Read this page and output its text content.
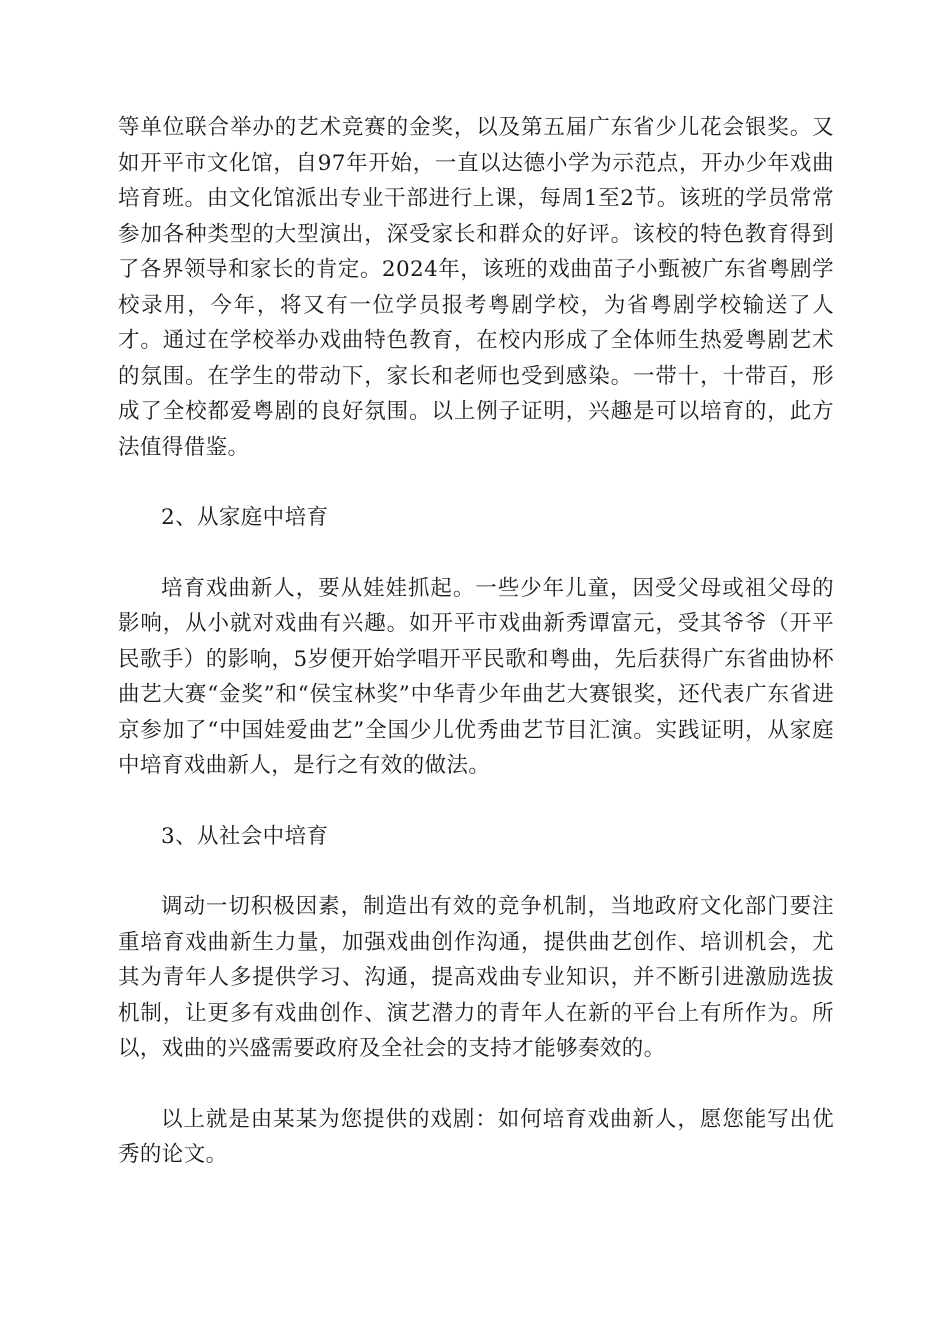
等单位联合举办的艺术竞赛的金奖，以及第五届广东省少儿花会银奖。又如开平市文化馆，自97年开始，一直以达德小学为示范点，开办少年戏曲培育班。由文化馆派出专业干部进行上课，每周1至2节。该班的学员常常参加各种类型的大型演出，深受家长和群众的好评。该校的特色教育得到了各界领导和家长的肯定。2024年，该班的戏曲苗子小甄被广东省粤剧学校录用，今年，将又有一位学员报考粤剧学校，为省粤剧学校输送了人才。通过在学校举办戏曲特色教育，在校内形成了全体师生热爱粤剧艺术的氛围。在学生的带动下，家长和老师也受到感染。一带十，十带百，形成了全校都爱粤剧的良好氛围。以上例子证明，兴趣是可以培育的，此方法值得借鉴。

2、从家庭中培育

培育戏曲新人，要从娃娃抓起。一些少年儿童，因受父母或祖父母的影响，从小就对戏曲有兴趣。如开平市戏曲新秀谭富元，受其爷爷（开平民歌手）的影响，5岁便开始学唱开平民歌和粤曲，先后获得广东省曲协杯曲艺大赛“金奖”和“侯宝林奖”中华青少年曲艺大赛银奖，还代表广东省进京参加了“中国娃爱曲艺”全国少儿优秀曲艺节目汇演。实践证明，从家庭中培育戏曲新人，是行之有效的做法。

3、从社会中培育

调动一切积极因素，制造出有效的竞争机制，当地政府文化部门要注重培育戏曲新生力量，加强戏曲创作沟通，提供曲艺创作、培训机会，尤其为青年人多提供学习、沟通，提高戏曲专业知识，并不断引进激励选拔机制，让更多有戏曲创作、演艺潜力的青年人在新的平台上有所作为。所以，戏曲的兴盛需要政府及全社会的支持才能够奏效的。

以上就是由某某为您提供的戏剧：如何培育戏曲新人，愿您能写出优秀的论文。
